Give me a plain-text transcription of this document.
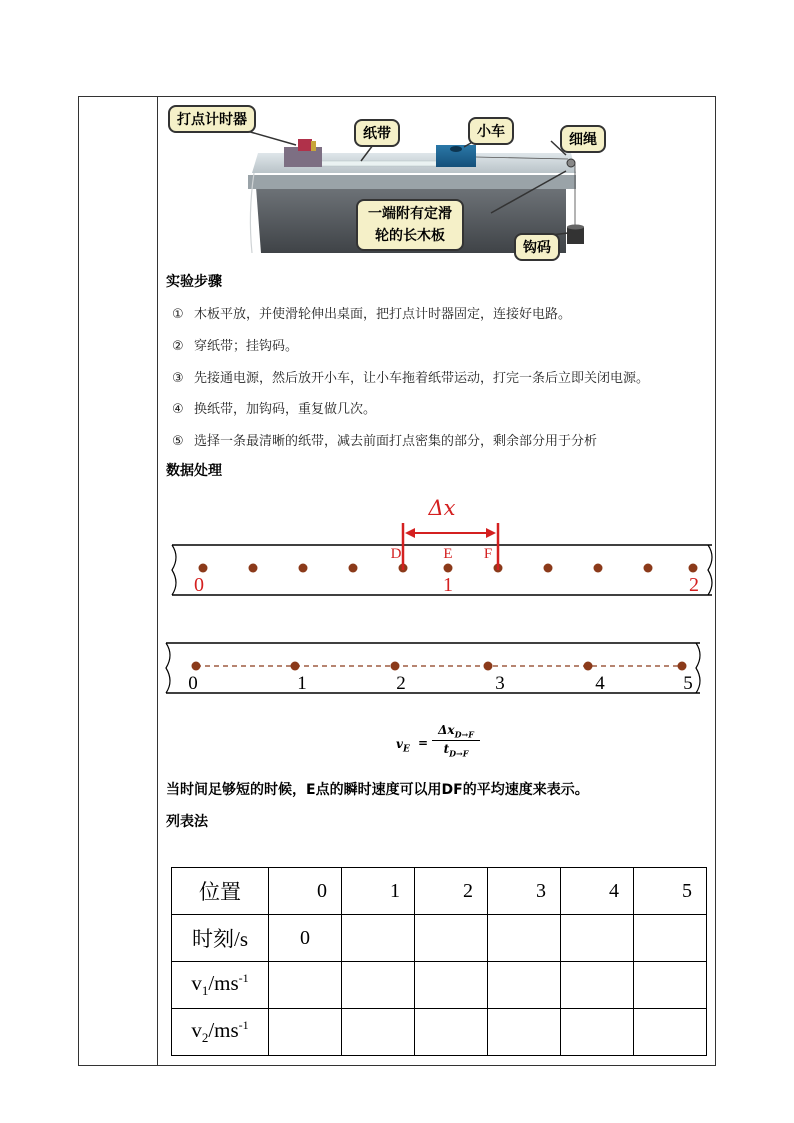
打点计时器
纸带	小车	细绳
一端附有定滑
轮的长木板
钩码
实验步骤
① 木板平放，并使滑轮伸出桌面，把打点计时器固定，连接好电路。
② 穿纸带；挂钩码。
③ 先接通电源，然后放开小车，让小车拖着纸带运动，打完一条后立即关闭电源。
④ 换纸带，加钩码，重复做几次。
⑤ 选择一条最清晰的纸带，减去前面打点密集的部分，剩余部分用于分析
数据处理
Δx
D	E F
0	1	2
0	1	2	3	4	5
$v_E$ =
$\Delta x_{D\to F}$
$t_{D\to F}$
当时间足够短的时候，E点的瞬时速度可以用DF的平均速度来表示。
列表法
位置	0	1	2	3	4	5
时刻/s	0					
$v_1/ms^{-1}$						
$v_2/ms^{-1}$						
